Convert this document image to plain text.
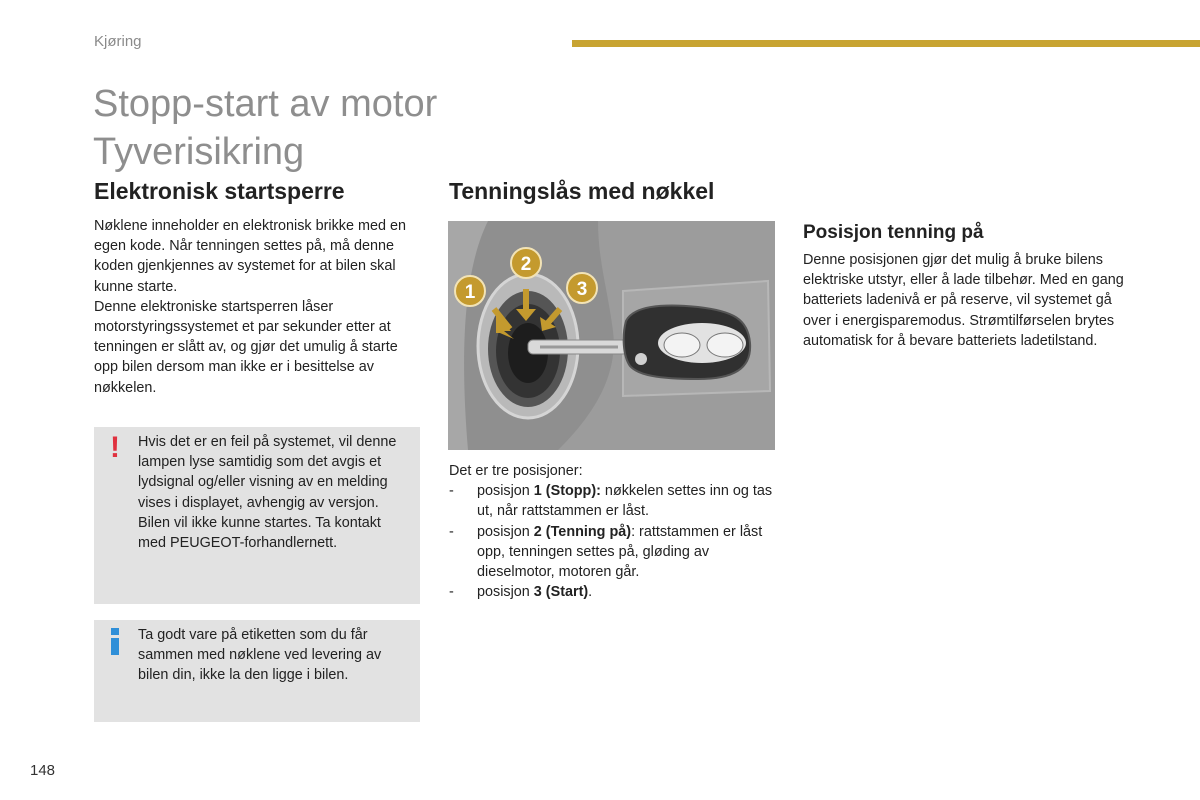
Kjøring
Stopp-start av motor
Tyverisikring
Elektronisk startsperre

Nøklene inneholder en elektronisk brikke med en egen kode. Når tenningen settes på, må denne koden gjenkjennes av systemet for at bilen skal kunne starte.

Denne elektroniske startsperren låser motorstyringssystemet et par sekunder etter at tenningen er slått av, og gjør det umulig å starte opp bilen dersom man ikke er i besittelse av nøkkelen.

! Hvis det er en feil på systemet, vil denne lampen lyse samtidig som det avgis et lydsignal og/eller visning av en melding vises i displayet, avhengig av versjon.

Bilen vil ikke kunne startes. Ta kontakt med PEUGEOT-forhandlernett.

Ta godt vare på etiketten som du får sammen med nøklene ved levering av bilen din, ikke la den ligge i bilen.

Tenningslås med nøkkel
1
2
3

Det er tre posisjoner:

- posisjon 1 (Stopp): nøkkelen settes inn og tas ut, når rattstammen er låst.
- posisjon 2 (Tenning på): rattstammen er låst opp, tenningen settes på, gløding av dieselmotor, motoren går.
- posisjon 3 (Start).
Posisjon tenning på

Denne posisjonen gjør det mulig å bruke bilens elektriske utstyr, eller å lade tilbehør. Med en gang batteriets ladenivå er på reserve, vil systemet gå over i energisparemodus. Strømtilførselen brytes automatisk for å bevare batteriets ladetilstand.

148
